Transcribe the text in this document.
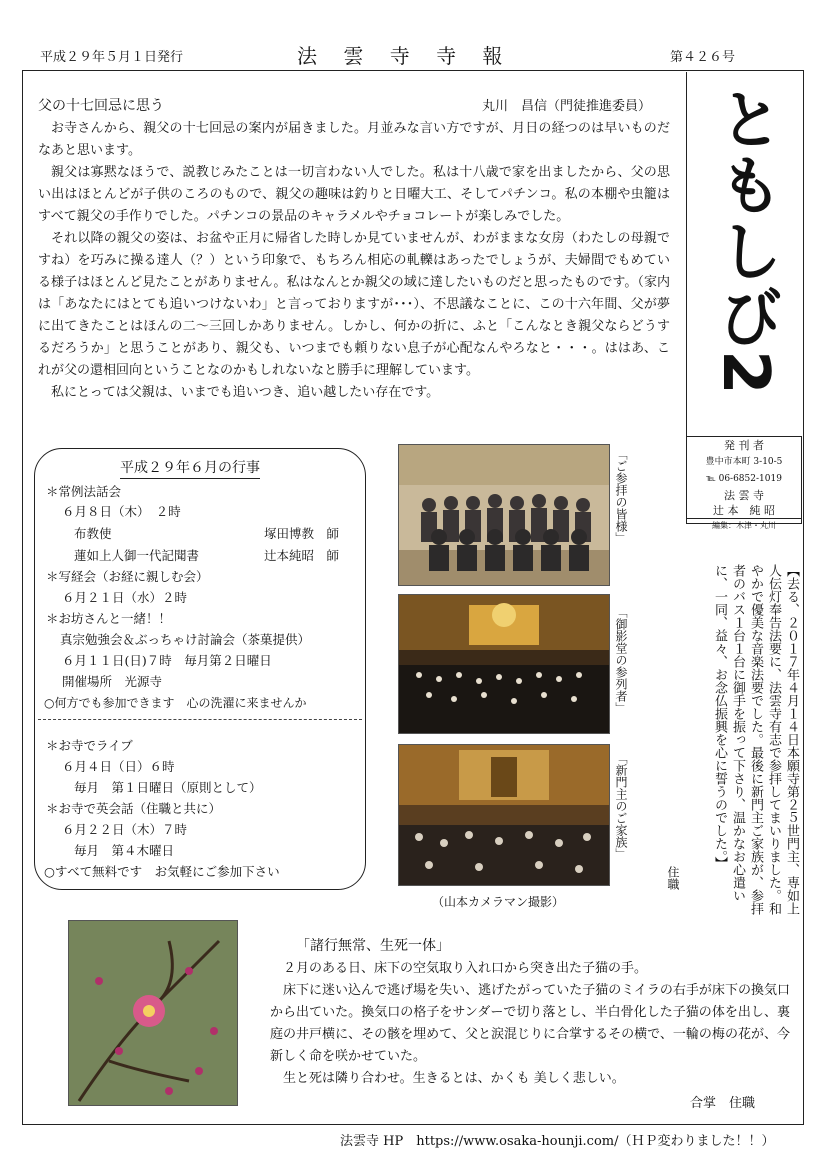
平成２９年５月１日発行	法 雲 寺 寺 報	第４２６号
ともしび2
発 刊 者
豊中市本町 3-10-5
℡ 06-6852-1019
法 雲 寺
辻 本　純 昭
編集：木津・丸川
父の十七回忌に思う	丸川　昌信（門徒推進委員）

お寺さんから、親父の十七回忌の案内が届きました。月並みな言い方ですが、月日の経つのは早いものだなあと思います。

親父は寡黙なほうで、説教じみたことは一切言わない人でした。私は十八歳で家を出ましたから、父の思い出はほとんどが子供のころのもので、親父の趣味は釣りと日曜大工、そしてパチンコ。私の本棚や虫籠はすべて親父の手作りでした。パチンコの景品のキャラメルやチョコレートが楽しみでした。

それ以降の親父の姿は、お盆や正月に帰省した時しか見ていませんが、わがままな女房（わたしの母親ですね）を巧みに操る達人（？）という印象で、もちろん相応の軋轢はあったでしょうが、夫婦間でもめている様子はほとんど見たことがありません。私はなんとか親父の域に達したいものだと思ったものです。（家内は「あなたにはとても追いつけないわ」と言っておりますが･･･）、不思議なことに、この十六年間、父が夢に出てきたことはほんの二～三回しかありません。しかし、何かの折に、ふと「こんなとき親父ならどうするだろうか」と思うことがあり、親父も、いつまでも頼りない息子が心配なんやろなと・・・。ははあ、これが父の還相回向ということなのかもしれないなと勝手に理解しています。

私にとっては父親は、いまでも追いつき、追い越したい存在です。

平成２９年６月の行事
＊常例法話会
６月８日（木）　２時
布教使	塚田博教　師
蓮如上人御一代記聞書	辻本純昭　師
＊写経会（お経に親しむ会）
６月２１日（水）２時
＊お坊さんと一緒！！
真宗勉強会＆ぶっちゃけ討論会（茶菓提供）
６月１１日(日)７時　毎月第２日曜日
開催場所　光源寺
○何方でも参加できます　心の洗濯に来ませんか
＊お寺でライブ
６月４日（日）６時
毎月　第１日曜日（原則として）
＊お寺で英会話（住職と共に）
６月２２日（木）７時
毎月　第４木曜日
○すべて無料です　お気軽にご参加下さい
「ご参拝の皆様」
「御影堂の参列者」
「新門主のご家族」
（山本カメラマン撮影）	【去る、２０１７年４月１４日本願寺第２５世門主、専如上人伝灯奉告法要に、法雲寺有志で参拝してまいりました。和やかで優美な音楽法要でした。最後に新門主ご家族が、参拝者のバス１台１台に御手を振って下さり、温かなお心遣いに、一同、益々、お念仏振興を心に誓うのでした。】
住職
「諸行無常、生死一体」

２月のある日、床下の空気取り入れ口から突き出た子猫の手。

床下に迷い込んで逃げ場を失い、逃げたがっていた子猫のミイラの右手が床下の換気口から出ていた。換気口の格子をサンダーで切り落とし、半白骨化した子猫の体を出し、裏庭の井戸横に、その骸を埋めて、父と涙混じりに合掌するその横で、一輪の梅の花が、今新しく命を咲かせていた。

生と死は隣り合わせ。生きるとは、かくも 美しく悲しい。

合掌　住職
法雲寺 HP　https://www.osaka-hounji.com/（ＨＰ変わりました！！）
